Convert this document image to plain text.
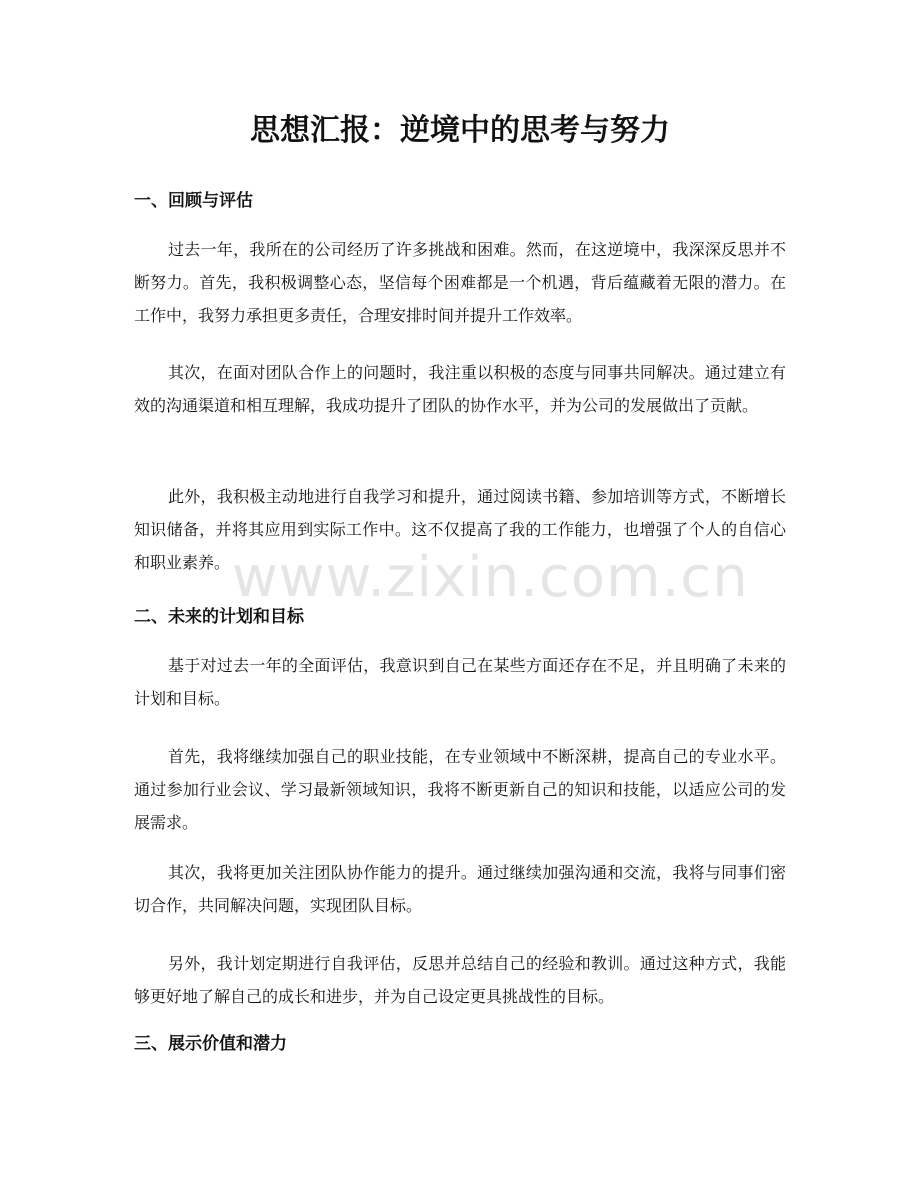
思想汇报：逆境中的思考与努力
一、回顾与评估

过去一年，我所在的公司经历了许多挑战和困难。然而，在这逆境中，我深深反思并不断努力。首先，我积极调整心态，坚信每个困难都是一个机遇，背后蕴藏着无限的潜力。在工作中，我努力承担更多责任，合理安排时间并提升工作效率。

其次，在面对团队合作上的问题时，我注重以积极的态度与同事共同解决。通过建立有效的沟通渠道和相互理解，我成功提升了团队的协作水平，并为公司的发展做出了贡献。

此外，我积极主动地进行自我学习和提升，通过阅读书籍、参加培训等方式，不断增长知识储备，并将其应用到实际工作中。这不仅提高了我的工作能力，也增强了个人的自信心和职业素养。

二、未来的计划和目标

基于对过去一年的全面评估，我意识到自己在某些方面还存在不足，并且明确了未来的计划和目标。

首先，我将继续加强自己的职业技能，在专业领域中不断深耕，提高自己的专业水平。通过参加行业会议、学习最新领域知识，我将不断更新自己的知识和技能，以适应公司的发展需求。

其次，我将更加关注团队协作能力的提升。通过继续加强沟通和交流，我将与同事们密切合作，共同解决问题，实现团队目标。

另外，我计划定期进行自我评估，反思并总结自己的经验和教训。通过这种方式，我能够更好地了解自己的成长和进步，并为自己设定更具挑战性的目标。

三、展示价值和潜力
www.zixin.com.cn
